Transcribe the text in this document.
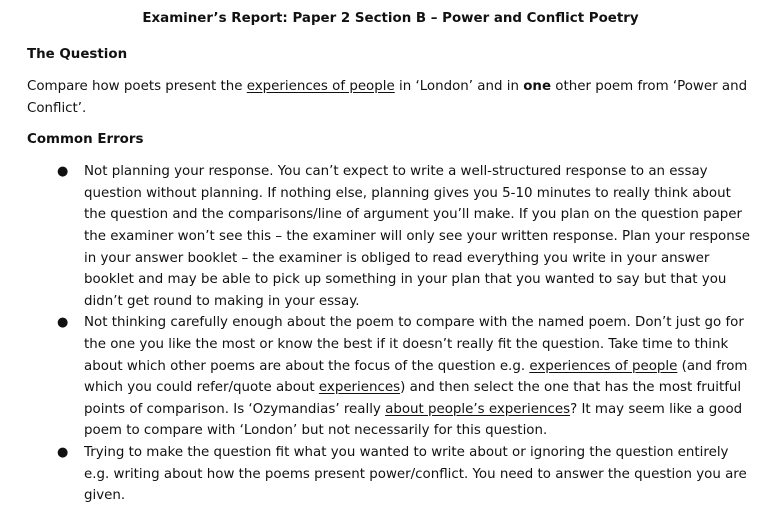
Examiner’s Report: Paper 2 Section B – Power and Conflict Poetry
The Question

Compare how poets present the experiences of people in ‘London’ and in one other poem from ‘Power and Conflict’.

Common Errors
● Not planning your response. You can’t expect to write a well-structured response to an essay question without planning. If nothing else, planning gives you 5-10 minutes to really think about the question and the comparisons/line of argument you’ll make. If you plan on the question paper the examiner won’t see this – the examiner will only see your written response. Plan your response in your answer booklet – the examiner is obliged to read everything you write in your answer booklet and may be able to pick up something in your plan that you wanted to say but that you didn’t get round to making in your essay.
● Not thinking carefully enough about the poem to compare with the named poem. Don’t just go for the one you like the most or know the best if it doesn’t really fit the question. Take time to think about which other poems are about the focus of the question e.g. experiences of people (and from which you could refer/quote about experiences) and then select the one that has the most fruitful points of comparison. Is ‘Ozymandias’ really about people’s experiences? It may seem like a good poem to compare with ‘London’ but not necessarily for this question.
● Trying to make the question fit what you wanted to write about or ignoring the question entirely e.g. writing about how the poems present power/conflict. You need to answer the question you are given.
